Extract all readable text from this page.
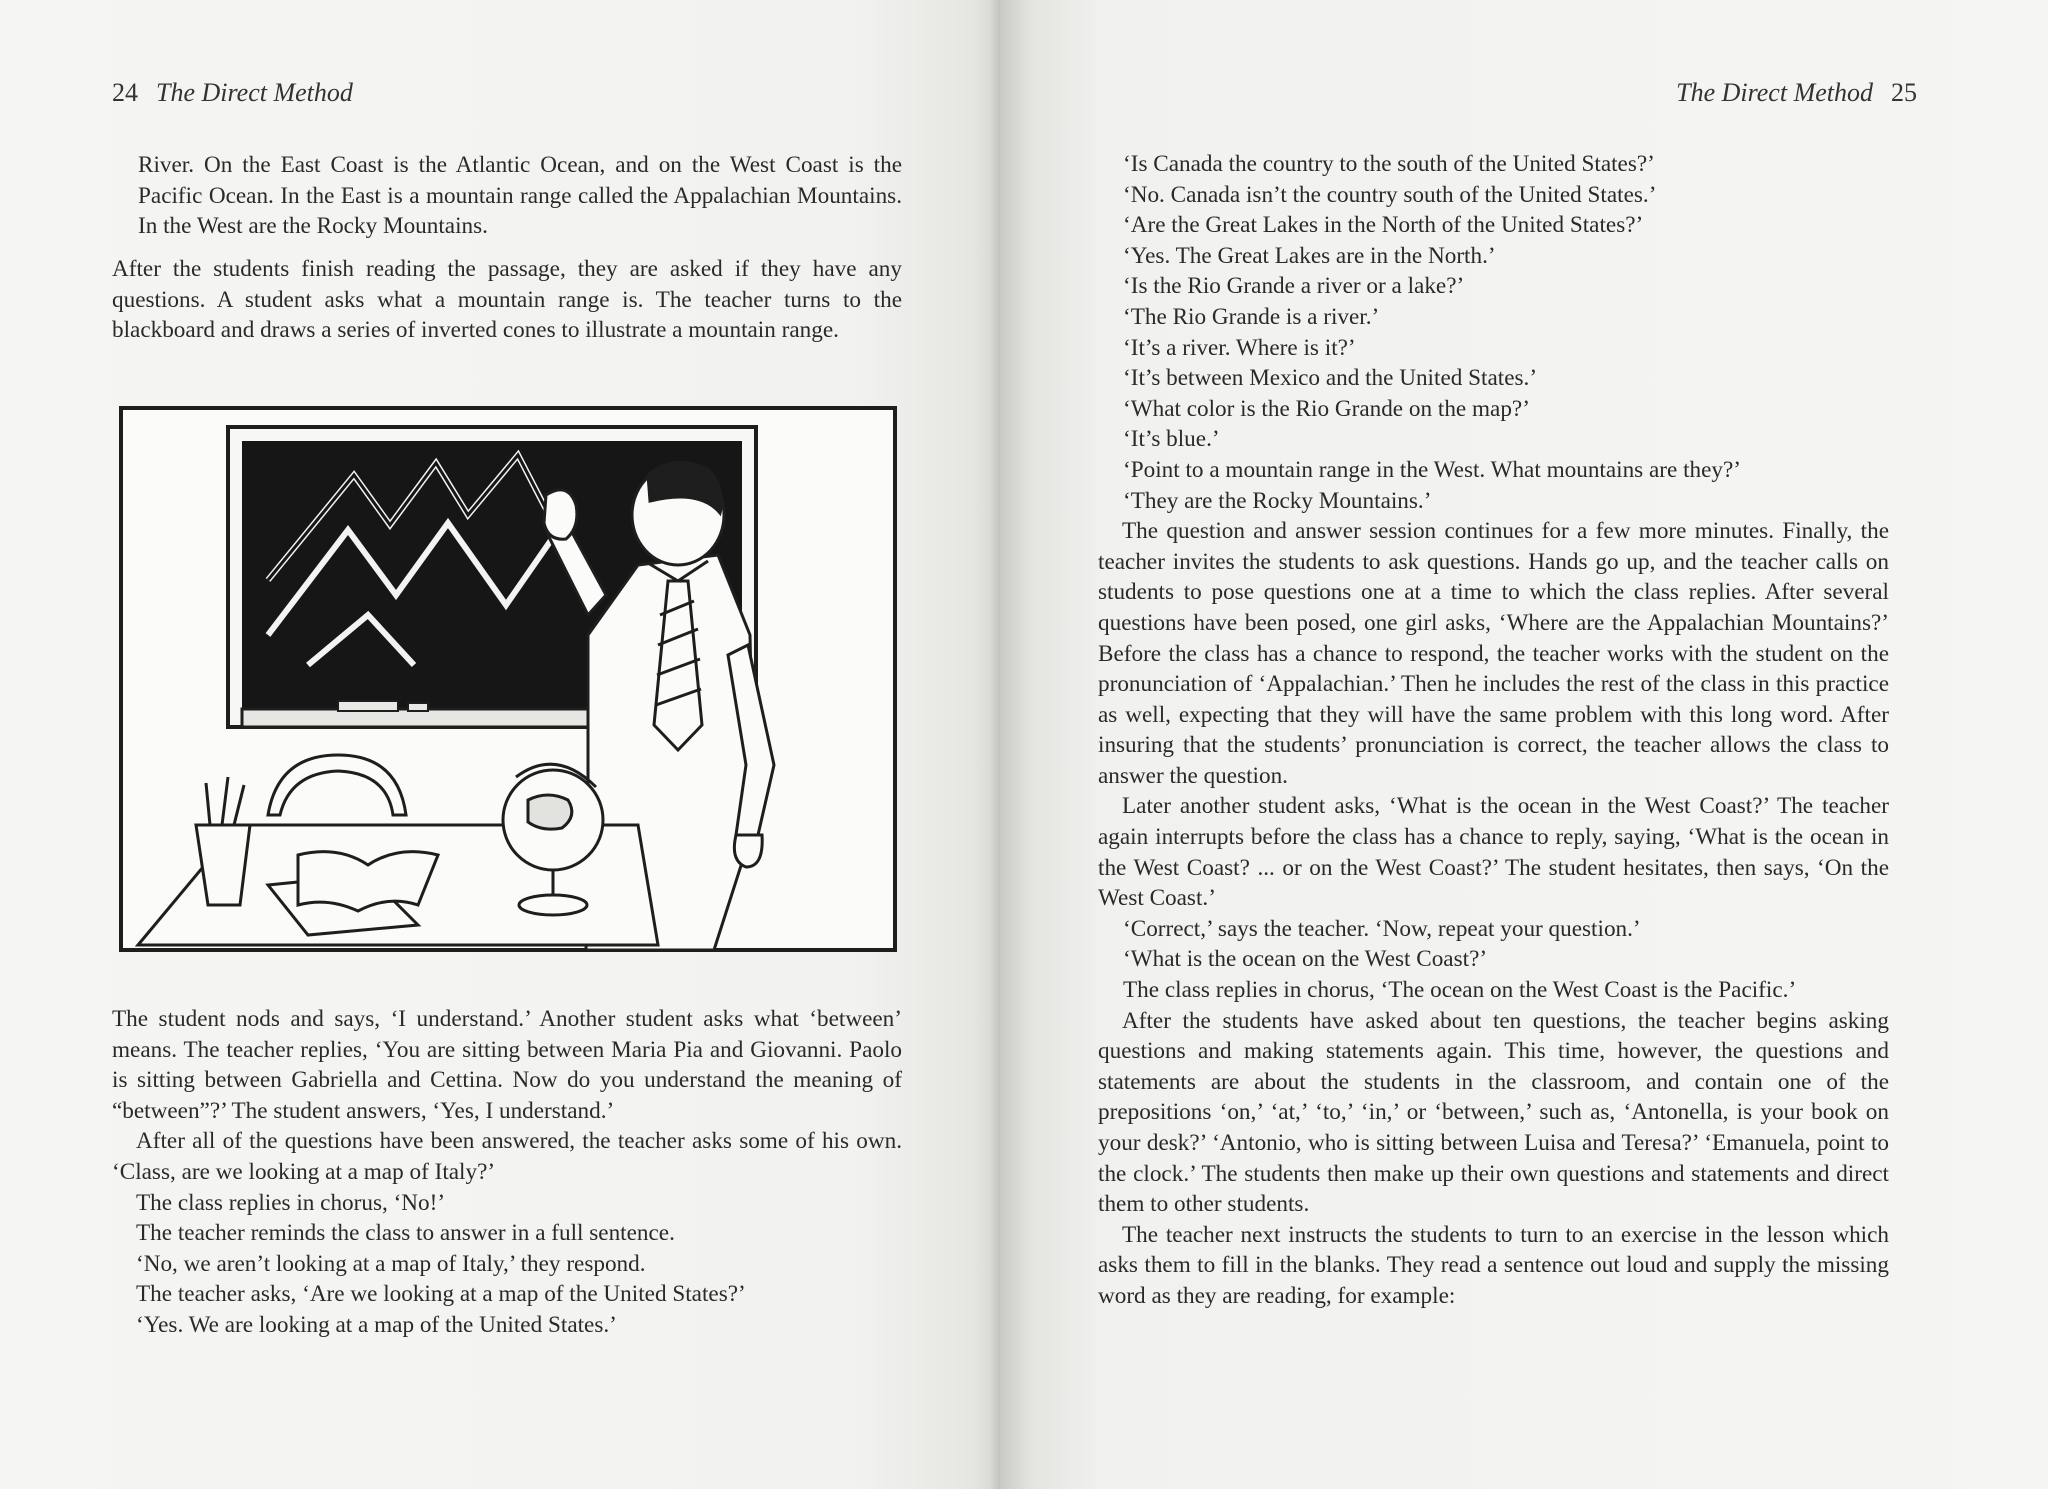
24 The Direct Method

River. On the East Coast is the Atlantic Ocean, and on the West Coast is the Pacific Ocean. In the East is a mountain range called the Appalachian Mountains. In the West are the Rocky Mountains.

After the students finish reading the passage, they are asked if they have any questions. A student asks what a mountain range is. The teacher turns to the blackboard and draws a series of inverted cones to illustrate a mountain range.

The student nods and says, ‘I understand.’ Another student asks what ‘between’ means. The teacher replies, ‘You are sitting between Maria Pia and Giovanni. Paolo is sitting between Gabriella and Cettina. Now do you understand the meaning of “between”?’ The student answers, ‘Yes, I understand.’

After all of the questions have been answered, the teacher asks some of his own. ‘Class, are we looking at a map of Italy?’

The class replies in chorus, ‘No!’

The teacher reminds the class to answer in a full sentence.

‘No, we aren’t looking at a map of Italy,’ they respond.

The teacher asks, ‘Are we looking at a map of the United States?’

‘Yes. We are looking at a map of the United States.’

The Direct Method 25

‘Is Canada the country to the south of the United States?’

‘No. Canada isn’t the country south of the United States.’

‘Are the Great Lakes in the North of the United States?’

‘Yes. The Great Lakes are in the North.’

‘Is the Rio Grande a river or a lake?’

‘The Rio Grande is a river.’

‘It’s a river. Where is it?’

‘It’s between Mexico and the United States.’

‘What color is the Rio Grande on the map?’

‘It’s blue.’

‘Point to a mountain range in the West. What mountains are they?’

‘They are the Rocky Mountains.’

The question and answer session continues for a few more minutes. Finally, the teacher invites the students to ask questions. Hands go up, and the teacher calls on students to pose questions one at a time to which the class replies. After several questions have been posed, one girl asks, ‘Where are the Appalachian Mountains?’ Before the class has a chance to respond, the teacher works with the student on the pronunciation of ‘Appalachian.’ Then he includes the rest of the class in this practice as well, expecting that they will have the same problem with this long word. After insuring that the students’ pronunciation is correct, the teacher allows the class to answer the question.

Later another student asks, ‘What is the ocean in the West Coast?’ The teacher again interrupts before the class has a chance to reply, saying, ‘What is the ocean in the West Coast? ... or on the West Coast?’ The student hesitates, then says, ‘On the West Coast.’

‘Correct,’ says the teacher. ‘Now, repeat your question.’

‘What is the ocean on the West Coast?’

The class replies in chorus, ‘The ocean on the West Coast is the Pacific.’

After the students have asked about ten questions, the teacher begins asking questions and making statements again. This time, however, the questions and statements are about the students in the classroom, and contain one of the prepositions ‘on,’ ‘at,’ ‘to,’ ‘in,’ or ‘between,’ such as, ‘Antonella, is your book on your desk?’ ‘Antonio, who is sitting between Luisa and Teresa?’ ‘Emanuela, point to the clock.’ The students then make up their own questions and statements and direct them to other students.

The teacher next instructs the students to turn to an exercise in the lesson which asks them to fill in the blanks. They read a sentence out loud and supply the missing word as they are reading, for example:
